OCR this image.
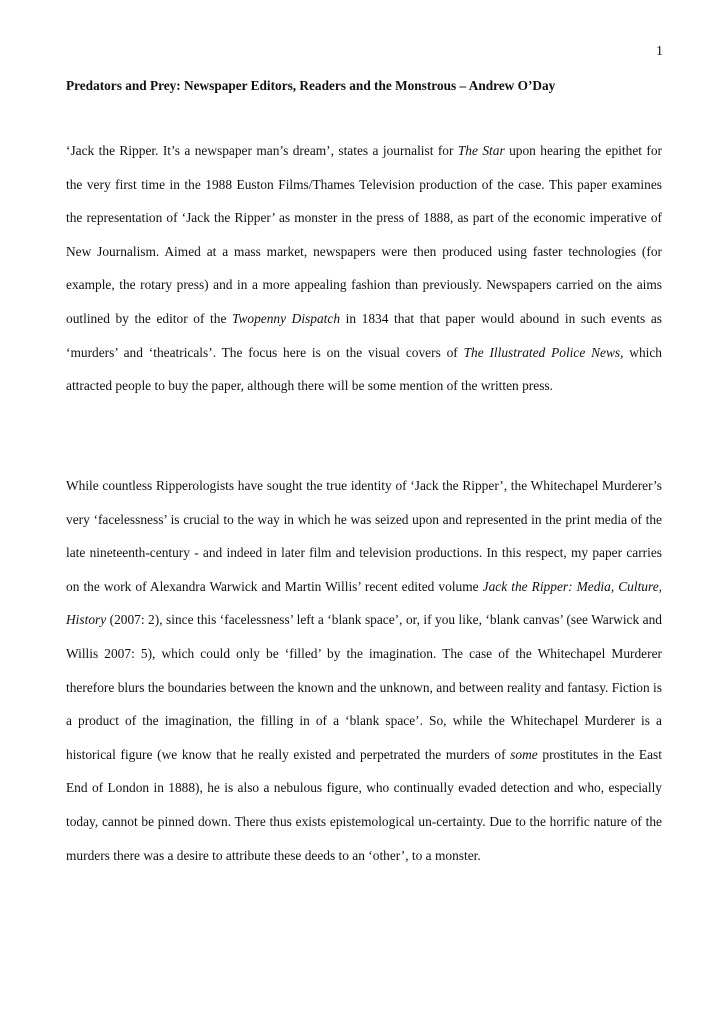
1
Predators and Prey: Newspaper Editors, Readers and the Monstrous – Andrew O’Day

‘Jack the Ripper. It’s a newspaper man’s dream’, states a journalist for The Star upon hearing the epithet for the very first time in the 1988 Euston Films/Thames Television production of the case. This paper examines the representation of ‘Jack the Ripper’ as monster in the press of 1888, as part of the economic imperative of New Journalism. Aimed at a mass market, newspapers were then produced using faster technologies (for example, the rotary press) and in a more appealing fashion than previously. Newspapers carried on the aims outlined by the editor of the Twopenny Dispatch in 1834 that that paper would abound in such events as ‘murders’ and ‘theatricals’. The focus here is on the visual covers of The Illustrated Police News, which attracted people to buy the paper, although there will be some mention of the written press.

While countless Ripperologists have sought the true identity of ‘Jack the Ripper’, the Whitechapel Murderer’s very ‘facelessness’ is crucial to the way in which he was seized upon and represented in the print media of the late nineteenth-century - and indeed in later film and television productions. In this respect, my paper carries on the work of Alexandra Warwick and Martin Willis’ recent edited volume Jack the Ripper: Media, Culture, History (2007: 2), since this ‘facelessness’ left a ‘blank space’, or, if you like, ‘blank canvas’ (see Warwick and Willis 2007: 5), which could only be ‘filled’ by the imagination. The case of the Whitechapel Murderer therefore blurs the boundaries between the known and the unknown, and between reality and fantasy. Fiction is a product of the imagination, the filling in of a ‘blank space’. So, while the Whitechapel Murderer is a historical figure (we know that he really existed and perpetrated the murders of some prostitutes in the East End of London in 1888), he is also a nebulous figure, who continually evaded detection and who, especially today, cannot be pinned down. There thus exists epistemological un-certainty. Due to the horrific nature of the murders there was a desire to attribute these deeds to an ‘other’, to a monster.
